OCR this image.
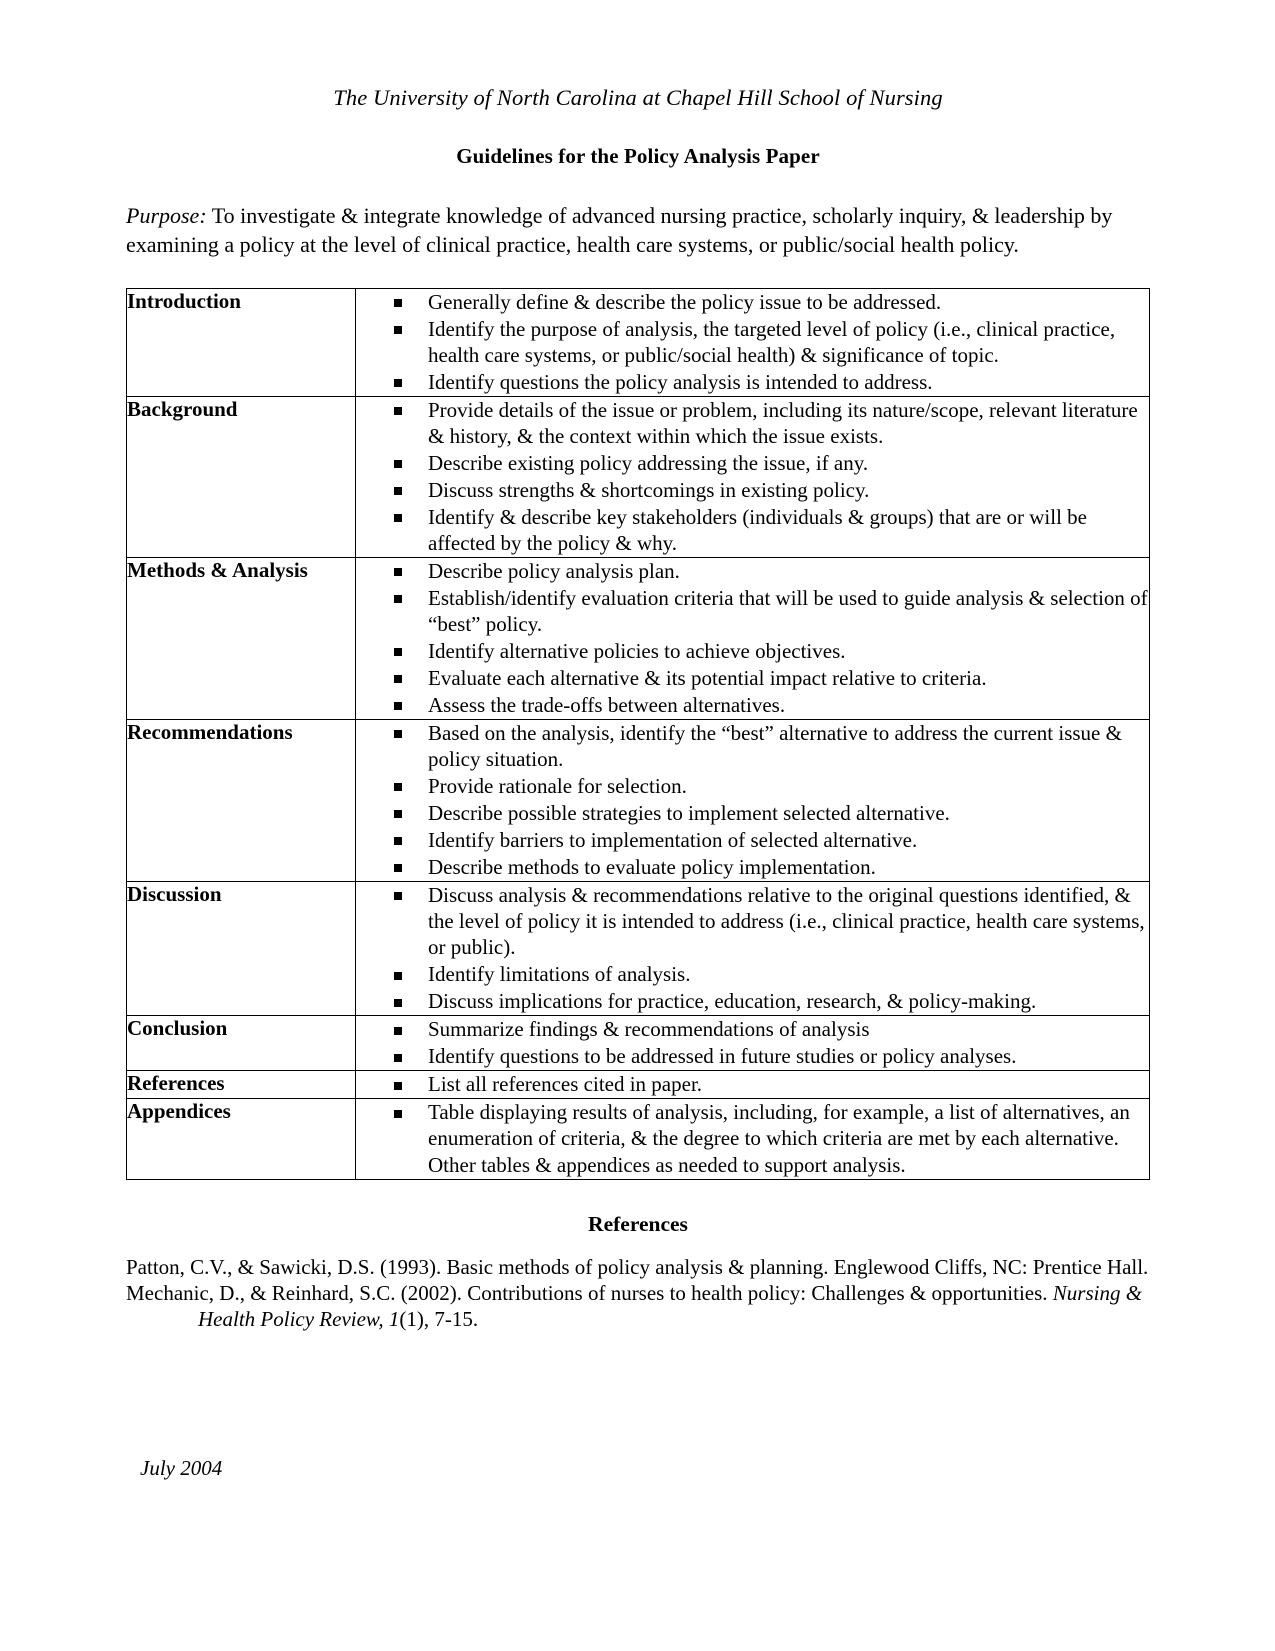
The University of North Carolina at Chapel Hill School of Nursing
Guidelines for the Policy Analysis Paper

Purpose: To investigate & integrate knowledge of advanced nursing practice, scholarly inquiry, & leadership by examining a policy at the level of clinical practice, health care systems, or public/social health policy.

Introduction	Generally define & describe the policy issue to be addressed.
Identify the purpose of analysis, the targeted level of policy (i.e., clinical practice, health care systems, or public/social health) & significance of topic.
Identify questions the policy analysis is intended to address.

Background	Provide details of the issue or problem, including its nature/scope, relevant literature & history, & the context within which the issue exists.
Describe existing policy addressing the issue, if any.
Discuss strengths & shortcomings in existing policy.
Identify & describe key stakeholders (individuals & groups) that are or will be affected by the policy & why.

Methods & Analysis	Describe policy analysis plan.
Establish/identify evaluation criteria that will be used to guide analysis & selection of “best” policy.
Identify alternative policies to achieve objectives.
Evaluate each alternative & its potential impact relative to criteria.
Assess the trade-offs between alternatives.

Recommendations	Based on the analysis, identify the “best” alternative to address the current issue & policy situation.
Provide rationale for selection.
Describe possible strategies to implement selected alternative.
Identify barriers to implementation of selected alternative.
Describe methods to evaluate policy implementation.

Discussion	Discuss analysis & recommendations relative to the original questions identified, & the level of policy it is intended to address (i.e., clinical practice, health care systems, or public).
Identify limitations of analysis.
Discuss implications for practice, education, research, & policy-making.

Conclusion	Summarize findings & recommendations of analysis
Identify questions to be addressed in future studies or policy analyses.

References	List all references cited in paper.

Appendices	Table displaying results of analysis, including, for example, a list of alternatives, an enumeration of criteria, & the degree to which criteria are met by each alternative. Other tables & appendices as needed to support analysis.
References
Patton, C.V., & Sawicki, D.S. (1993). Basic methods of policy analysis & planning. Englewood Cliffs, NC: Prentice Hall.
Mechanic, D., & Reinhard, S.C. (2002). Contributions of nurses to health policy: Challenges & opportunities. Nursing & Health Policy Review, 1(1), 7-15.
July 2004
